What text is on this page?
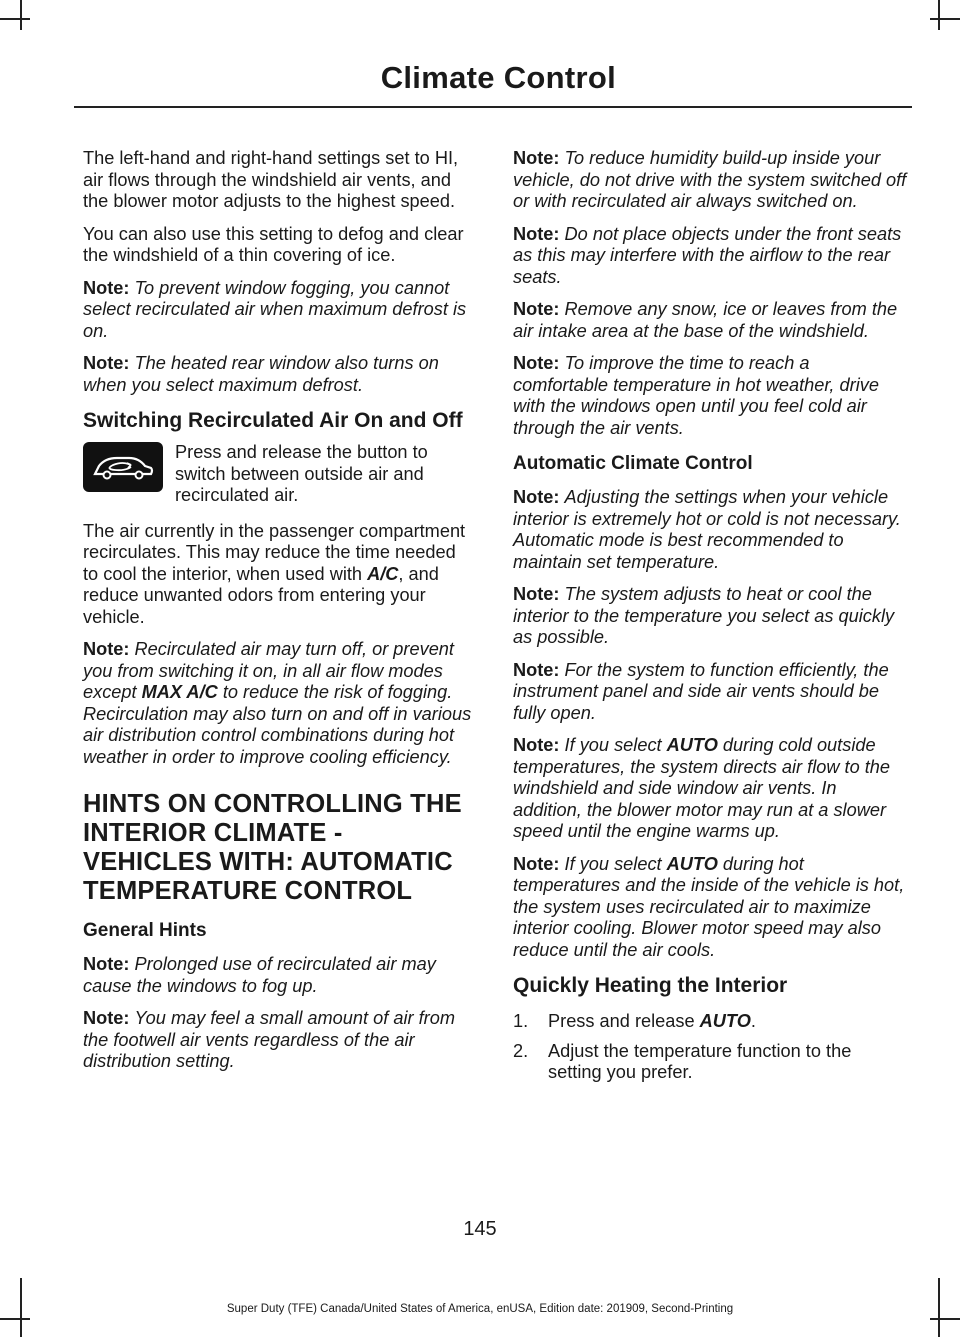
Climate Control

The left-hand and right-hand settings set to HI, air flows through the windshield air vents, and the blower motor adjusts to the highest speed.

You can also use this setting to defog and clear the windshield of a thin covering of ice.

Note: To prevent window fogging, you cannot select recirculated air when maximum defrost is on.

Note: The heated rear window also turns on when you select maximum defrost.

Switching Recirculated Air On and Off
Press and release the button to switch between outside air and recirculated air.

The air currently in the passenger compartment recirculates. This may reduce the time needed to cool the interior, when used with A/C, and reduce unwanted odors from entering your vehicle.

Note: Recirculated air may turn off, or prevent you from switching it on, in all air flow modes except MAX A/C to reduce the risk of fogging. Recirculation may also turn on and off in various air distribution control combinations during hot weather in order to improve cooling efficiency.

HINTS ON CONTROLLING THE INTERIOR CLIMATE - VEHICLES WITH: AUTOMATIC TEMPERATURE CONTROL
General Hints

Note: Prolonged use of recirculated air may cause the windows to fog up.

Note: You may feel a small amount of air from the footwell air vents regardless of the air distribution setting.

Note: To reduce humidity build-up inside your vehicle, do not drive with the system switched off or with recirculated air always switched on.

Note: Do not place objects under the front seats as this may interfere with the airflow to the rear seats.

Note: Remove any snow, ice or leaves from the air intake area at the base of the windshield.

Note: To improve the time to reach a comfortable temperature in hot weather, drive with the windows open until you feel cold air through the air vents.

Automatic Climate Control

Note: Adjusting the settings when your vehicle interior is extremely hot or cold is not necessary. Automatic mode is best recommended to maintain set temperature.

Note: The system adjusts to heat or cool the interior to the temperature you select as quickly as possible.

Note: For the system to function efficiently, the instrument panel and side air vents should be fully open.

Note: If you select AUTO during cold outside temperatures, the system directs air flow to the windshield and side window air vents. In addition, the blower motor may run at a slower speed until the engine warms up.

Note: If you select AUTO during hot temperatures and the inside of the vehicle is hot, the system uses recirculated air to maximize interior cooling. Blower motor speed may also reduce until the air cools.

Quickly Heating the Interior
1.	Press and release AUTO.
2.	Adjust the temperature function to the setting you prefer.
145
Super Duty (TFE) Canada/United States of America, enUSA, Edition date: 201909, Second-Printing
